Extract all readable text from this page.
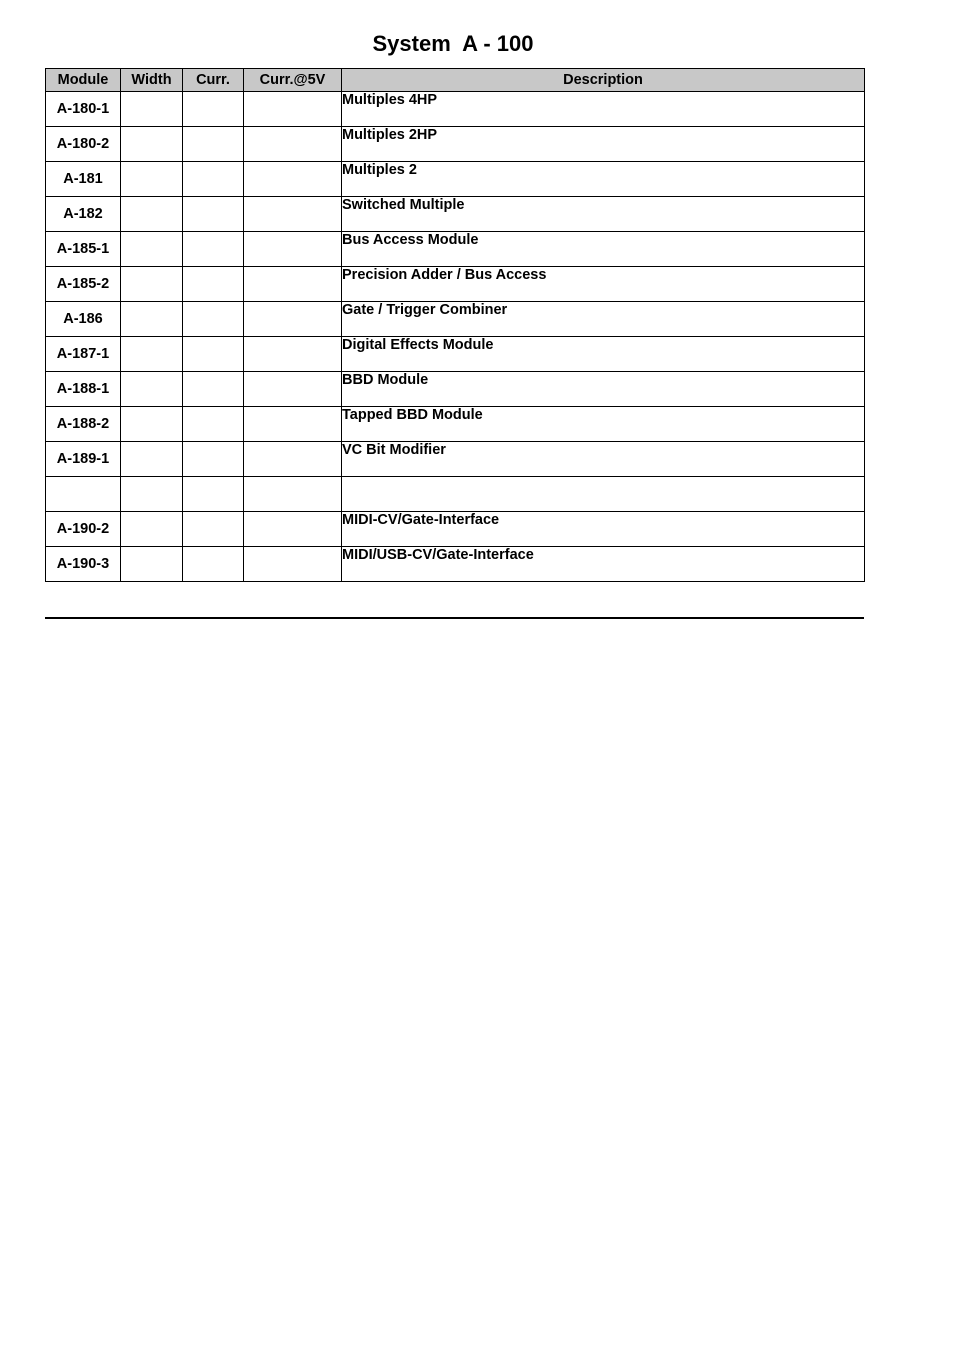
System  A - 100
Module	Width	Curr.	Curr.@5V	Description
A-180-1				Multiples 4HP
A-180-2				Multiples 2HP
A-181				Multiples 2
A-182				Switched Multiple
A-185-1				Bus Access Module
A-185-2				Precision Adder / Bus Access
A-186				Gate / Trigger Combiner
A-187-1				Digital Effects Module
A-188-1				BBD Module
A-188-2				Tapped BBD Module
A-189-1				VC Bit Modifier

A-190-2				MIDI-CV/Gate-Interface
A-190-3				MIDI/USB-CV/Gate-Interface
